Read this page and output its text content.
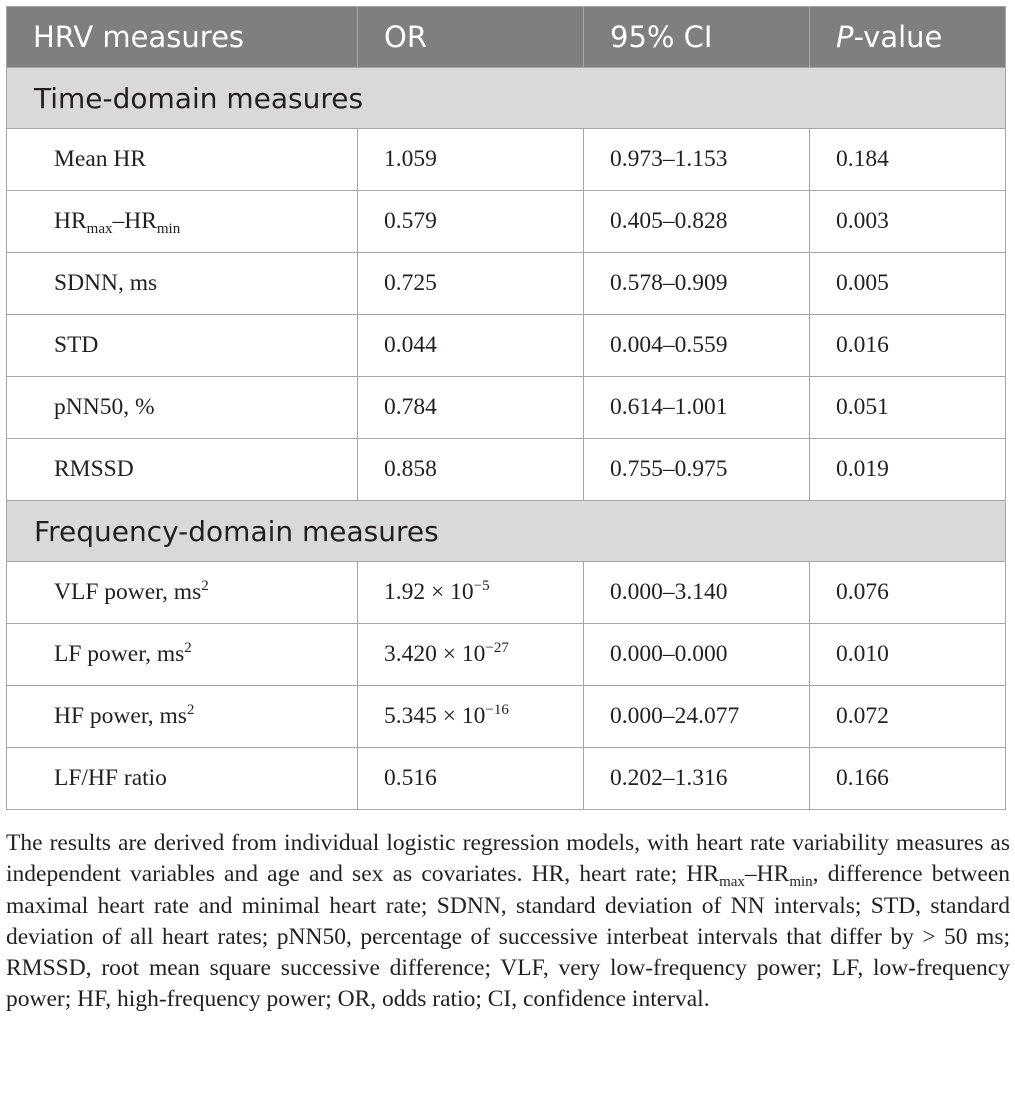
HRV measures	OR	95% CI	P-value
Time-domain measures			
Mean HR	1.059	0.973–1.153	0.184
$HR_{max}-HR_{min}$	0.579	0.405–0.828	0.003
SDNN, ms	0.725	0.578–0.909	0.005
STD	0.044	0.004–0.559	0.016
pNN50, %	0.784	0.614–1.001	0.051
RMSSD	0.858	0.755–0.975	0.019
Frequency-domain measures			
VLF power, $ms^2$	$1.92 \times 10^{-5}$	0.000–3.140	0.076
LF power, $ms^2$	$3.420 \times 10^{-27}$	0.000–0.000	0.010
HF power, $ms^2$	$5.345 \times 10^{-16}$	0.000–24.077	0.072
LF/HF ratio	0.516	0.202–1.316	0.166
The results are derived from individual logistic regression models, with heart rate variability measures as independent variables and age and sex as covariates. HR, heart rate; $HR_{max}-HR_{min}$, difference between maximal heart rate and minimal heart rate; SDNN, standard deviation of NN intervals; STD, standard deviation of all heart rates; pNN50, percentage of successive interbeat intervals that differ by > 50 ms; RMSSD, root mean square successive difference; VLF, very low-frequency power; LF, low-frequency power; HF, high-frequency power; OR, odds ratio; CI, confidence interval.
